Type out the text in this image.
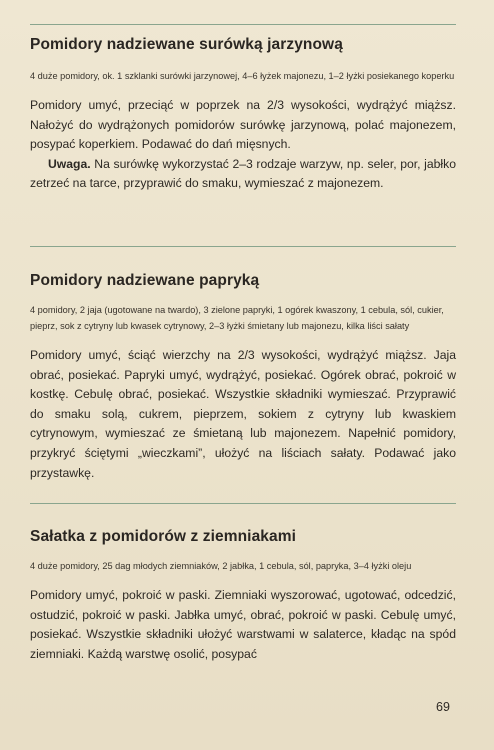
Pomidory nadziewane surówką jarzynową

4 duże pomidory, ok. 1 szklanki surówki jarzynowej, 4–6 łyżek majonezu, 1–2 łyżki posiekanego koperku

Pomidory umyć, przeciąć w poprzek na 2/3 wysokości, wydrążyć miąższ. Nałożyć do wydrążonych pomidorów surówkę jarzynową, polać majonezem, posypać koperkiem. Podawać do dań mięsnych.

Uwaga. Na surówkę wykorzystać 2–3 rodzaje warzyw, np. seler, por, jabłko zetrzeć na tarce, przyprawić do smaku, wymieszać z majonezem.

Pomidory nadziewane papryką

4 pomidory, 2 jaja (ugotowane na twardo), 3 zielone papryki, 1 ogórek kwaszony, 1 cebula, sól, cukier, pieprz, sok z cytryny lub kwasek cytrynowy, 2–3 łyżki śmietany lub majonezu, kilka liści sałaty

Pomidory umyć, ściąć wierzchy na 2/3 wysokości, wydrążyć miąższ. Jaja obrać, posiekać. Papryki umyć, wydrążyć, posiekać. Ogórek obrać, pokroić w kostkę. Cebulę obrać, posiekać. Wszystkie składniki wymieszać. Przyprawić do smaku solą, cukrem, pieprzem, sokiem z cytryny lub kwaskiem cytrynowym, wymieszać ze śmietaną lub majonezem. Napełnić pomidory, przykryć ściętymi „wieczkami”, ułożyć na liściach sałaty. Podawać jako przystawkę.

Sałatka z pomidorów z ziemniakami

4 duże pomidory, 25 dag młodych ziemniaków, 2 jabłka, 1 cebula, sól, papryka, 3–4 łyżki oleju

Pomidory umyć, pokroić w paski. Ziemniaki wyszorować, ugotować, odcedzić, ostudzić, pokroić w paski. Jabłka umyć, obrać, pokroić w paski. Cebulę umyć, posiekać. Wszystkie składniki ułożyć warstwami w salaterce, kładąc na spód ziemniaki. Każdą warstwę osolić, posypać

69
